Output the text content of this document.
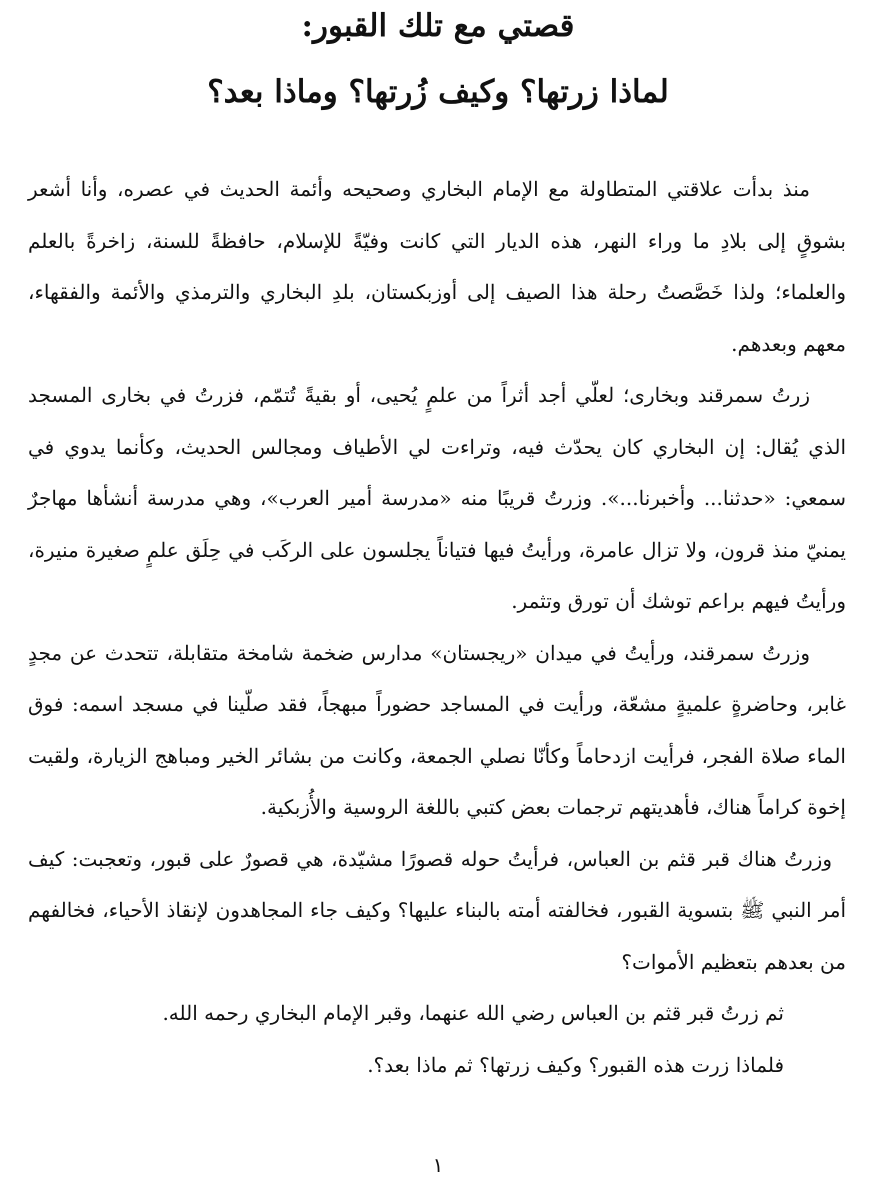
قصتي مع تلك القبور:
لماذا زرتها؟ وكيف زُرتها؟ وماذا بعد؟

منذ بدأت علاقتي المتطاولة مع الإمام البخاري وصحيحه وأئمة الحديث في عصره، وأنا أشعر بشوقٍ إلى بلادِ ما وراء النهر، هذه الديار التي كانت وفيّةً للإسلام، حافظةً للسنة، زاخرةً بالعلم والعلماء؛ ولذا خَصَّصتُ رحلة هذا الصيف إلى أوزبكستان، بلدِ البخاري والترمذي والأئمة والفقهاء، معهم وبعدهم.

زرتُ سمرقند وبخارى؛ لعلّي أجد أثراً من علمٍ يُحيى، أو بقيةً تُتمّم، فزرتُ في بخارى المسجد الذي يُقال: إن البخاري كان يحدّث فيه، وتراءت لي الأطياف ومجالس الحديث، وكأنما يدوي في سمعي: «حدثنا... وأخبرنا...». وزرتُ قريبًا منه «مدرسة أمير العرب»، وهي مدرسة أنشأها مهاجرٌ يمنيّ منذ قرون، ولا تزال عامرة، ورأيتُ فيها فتياناً يجلسون على الركَب في حِلَق علمٍ صغيرة منيرة، ورأيتُ فيهم براعم توشك أن تورق وتثمر.

وزرتُ سمرقند، ورأيتُ في ميدان «ريجستان» مدارس ضخمة شامخة متقابلة، تتحدث عن مجدٍ غابر، وحاضرةٍ علميةٍ مشعّة، ورأيت في المساجد حضوراً مبهجاً، فقد صلّينا في مسجد اسمه: فوق الماء صلاة الفجر، فرأيت ازدحاماً وكأنّا نصلي الجمعة، وكانت من بشائر الخير ومباهج الزيارة، ولقيت إخوة كراماً هناك، فأهديتهم ترجمات بعض كتبي باللغة الروسية والأُزبكية.

وزرتُ هناك قبر قثم بن العباس، فرأيتُ حوله قصورًا مشيّدة، هي قصورٌ على قبور، وتعجبت: كيف أمر النبي ﷺ بتسوية القبور، فخالفته أمته بالبناء عليها؟ وكيف جاء المجاهدون لإنقاذ الأحياء، فخالفهم من بعدهم بتعظيم الأموات؟

ثم زرتُ قبر قثم بن العباس رضي الله عنهما، وقبر الإمام البخاري رحمه الله.

فلماذا زرت هذه القبور؟ وكيف زرتها؟ ثم ماذا بعد؟.

١
